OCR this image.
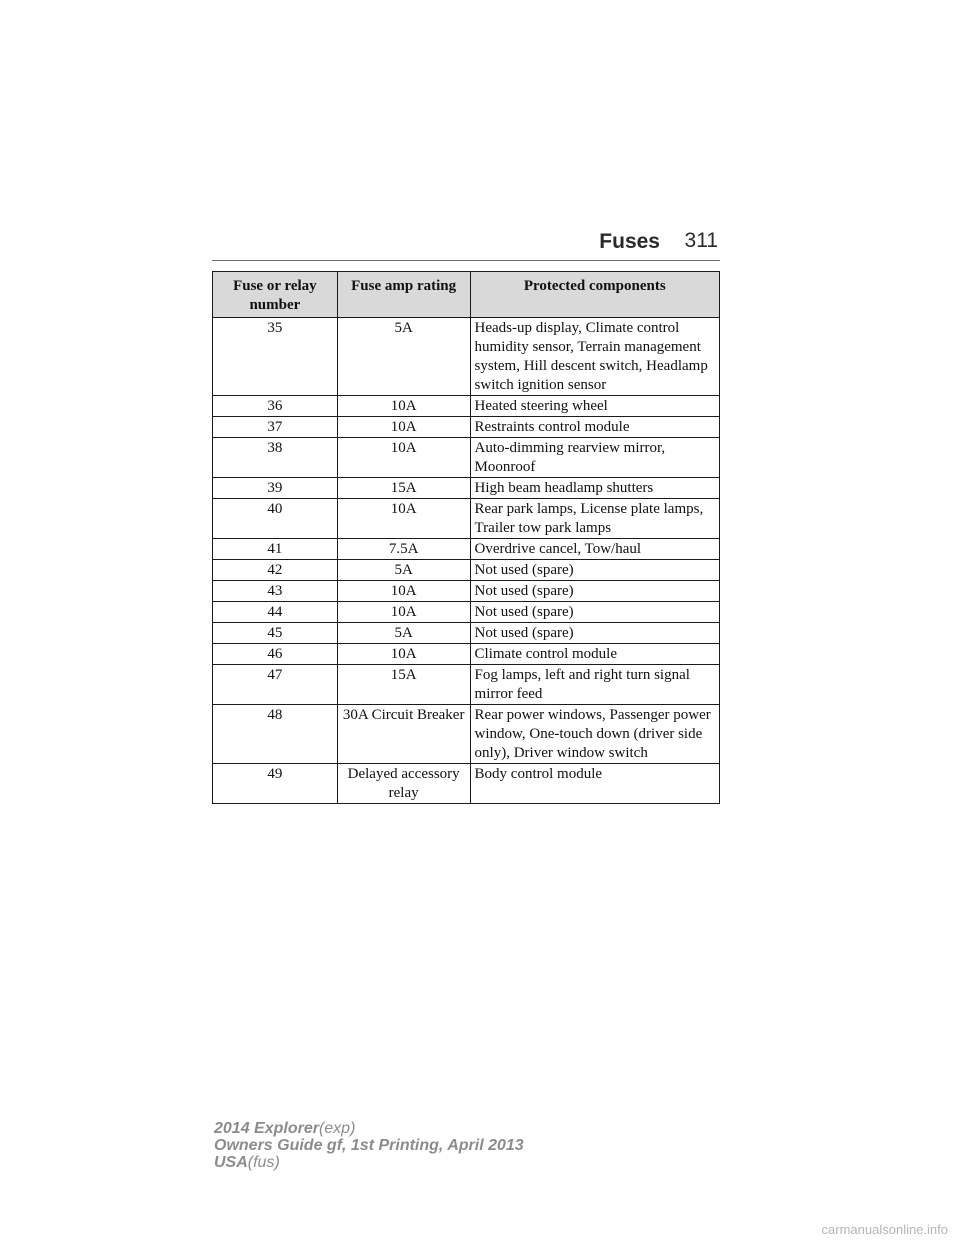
Fuses 311
Fuse or relay number	Fuse amp rating	Protected components
35	5A	Heads-up display, Climate control humidity sensor, Terrain management system, Hill descent switch, Headlamp switch ignition sensor
36	10A	Heated steering wheel
37	10A	Restraints control module
38	10A	Auto-dimming rearview mirror, Moonroof
39	15A	High beam headlamp shutters
40	10A	Rear park lamps, License plate lamps, Trailer tow park lamps
41	7.5A	Overdrive cancel, Tow/haul
42	5A	Not used (spare)
43	10A	Not used (spare)
44	10A	Not used (spare)
45	5A	Not used (spare)
46	10A	Climate control module
47	15A	Fog lamps, left and right turn signal mirror feed
48	30A Circuit Breaker	Rear power windows, Passenger power window, One-touch down (driver side only), Driver window switch
49	Delayed accessory relay	Body control module
2014 Explorer(exp)
Owners Guide gf, 1st Printing, April 2013
USA(fus)
carmanualsonline.info
